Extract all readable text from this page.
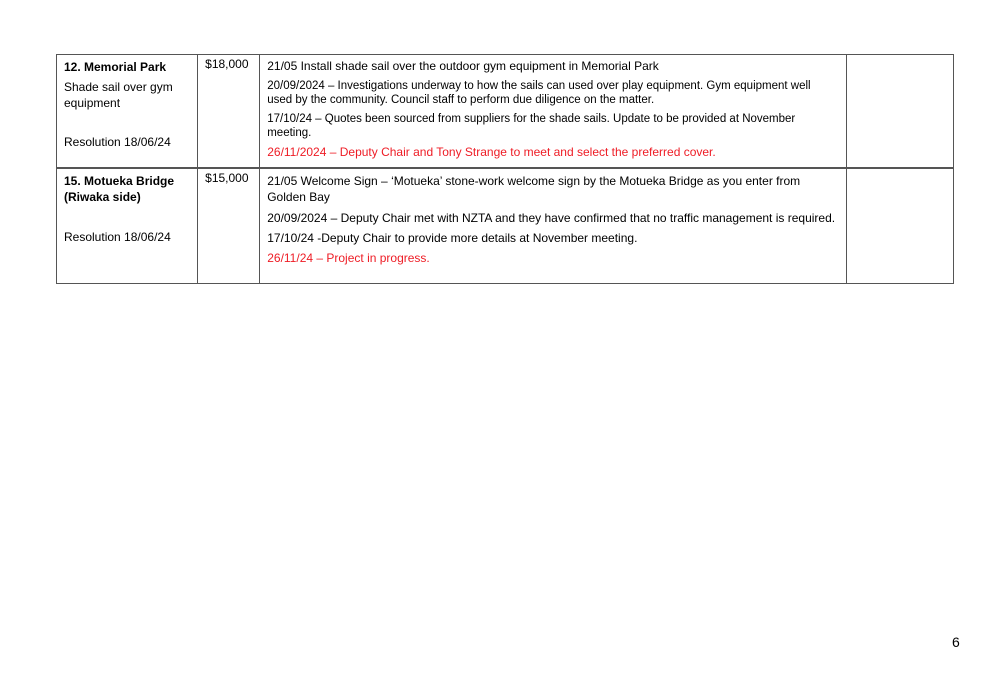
12. Memorial Park
Shade sail over gym equipment
Resolution 18/06/24
	$18,000	21/05 Install shade sail over the outdoor gym equipment in Memorial Park

20/09/2024 – Investigations underway to how the sails can used over play equipment. Gym equipment well used by the community. Council staff to perform due diligence on the matter.

17/10/24 – Quotes been sourced from suppliers for the shade sails. Update to be provided at November meeting.

26/11/2024 – Deputy Chair and Tony Strange to meet and select the preferred cover.

15. Motueka Bridge (Riwaka side)
Resolution 18/06/24
	$15,000	21/05 Welcome Sign – ‘Motueka’ stone-work welcome sign by the Motueka Bridge as you enter from Golden Bay

20/09/2024 – Deputy Chair met with NZTA and they have confirmed that no traffic management is required.

17/10/24 -Deputy Chair to provide more details at November meeting.

26/11/24 – Project in progress.

6
